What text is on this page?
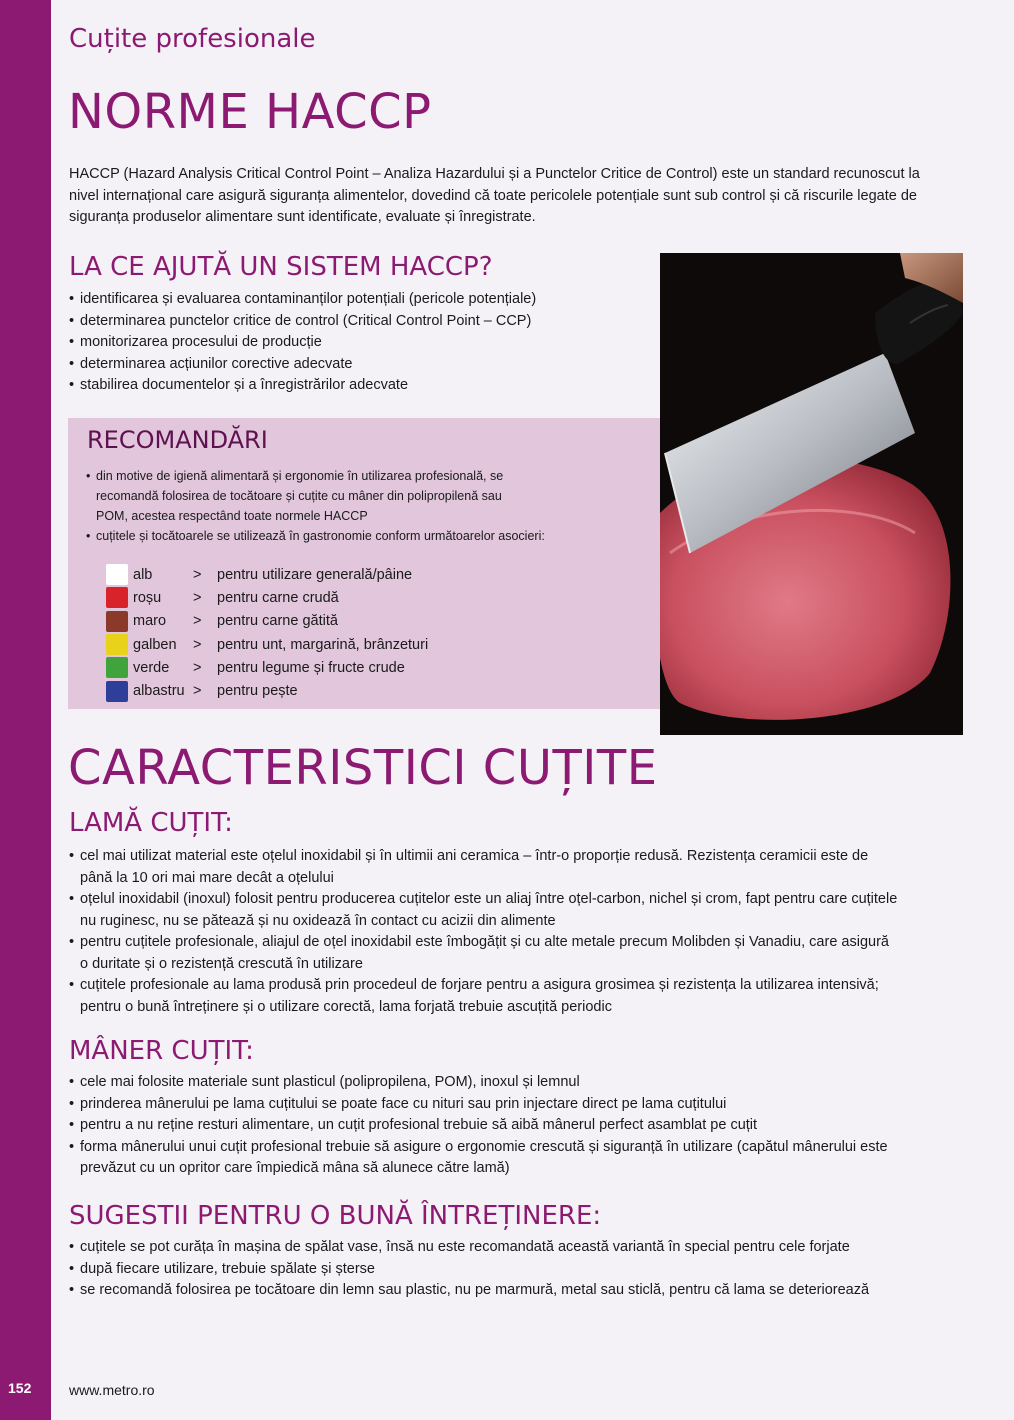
152
Cuțite profesionale
NORME HACCP
HACCP (Hazard Analysis Critical Control Point – Analiza Hazardului și a Punctelor Critice de Control) este un standard recunoscut la nivel internațional care asigură siguranța alimentelor, dovedind că toate pericolele potențiale sunt sub control și că riscurile legate de siguranța produselor alimentare sunt identificate, evaluate și înregistrate.
LA CE AJUTĂ UN SISTEM HACCP?
• identificarea și evaluarea contaminanților potențiali (pericole potențiale)
• determinarea punctelor critice de control (Critical Control Point – CCP)
• monitorizarea procesului de producție
• determinarea acțiunilor corective adecvate
• stabilirea documentelor și a înregistrărilor adecvate
RECOMANDĂRI
• din motive de igienă alimentară și ergonomie în utilizarea profesională, se recomandă folosirea de tocătoare și cuțite cu mâner din polipropilenă sau POM, acestea respectând toate normele HACCP
• cuțitele și tocătoarele se utilizează în gastronomie conform următoarelor asocieri:
alb	>	pentru utilizare generală/pâine
roșu	>	pentru carne crudă
maro	>	pentru carne gătită
galben	>	pentru unt, margarină, brânzeturi
verde	>	pentru legume și fructe crude
albastru >	pentru pește
CARACTERISTICI CUȚITE
LAMĂ CUȚIT:
• cel mai utilizat material este oțelul inoxidabil și în ultimii ani ceramica – într-o proporție redusă. Rezistența ceramicii este de până la 10 ori mai mare decât a oțelului
• oțelul inoxidabil (inoxul) folosit pentru producerea cuțitelor este un aliaj între oțel-carbon, nichel și crom, fapt pentru care cuțitele nu ruginesc, nu se pătează și nu oxidează în contact cu acizii din alimente
• pentru cuțitele profesionale, aliajul de oțel inoxidabil este îmbogățit și cu alte metale precum Molibden și Vanadiu, care asigură o duritate și o rezistență crescută în utilizare
• cuțitele profesionale au lama produsă prin procedeul de forjare pentru a asigura grosimea și rezistența la utilizarea intensivă; pentru o bună întreținere și o utilizare corectă, lama forjată trebuie ascuțită periodic
MÂNER CUȚIT:
• cele mai folosite materiale sunt plasticul (polipropilena, POM), inoxul și lemnul
• prinderea mânerului pe lama cuțitului se poate face cu nituri sau prin injectare direct pe lama cuțitului
• pentru a nu reține resturi alimentare, un cuțit profesional trebuie să aibă mânerul perfect asamblat pe cuțit
• forma mânerului unui cuțit profesional trebuie să asigure o ergonomie crescută și siguranță în utilizare (capătul mânerului este prevăzut cu un opritor care împiedică mâna să alunece către lamă)
SUGESTII PENTRU O BUNĂ ÎNTREȚINERE:
• cuțitele se pot curăța în mașina de spălat vase, însă nu este recomandată această variantă în special pentru cele forjate
• după fiecare utilizare, trebuie spălate și șterse
• se recomandă folosirea pe tocătoare din lemn sau plastic, nu pe marmură, metal sau sticlă, pentru că lama se deteriorează
www.metro.ro
